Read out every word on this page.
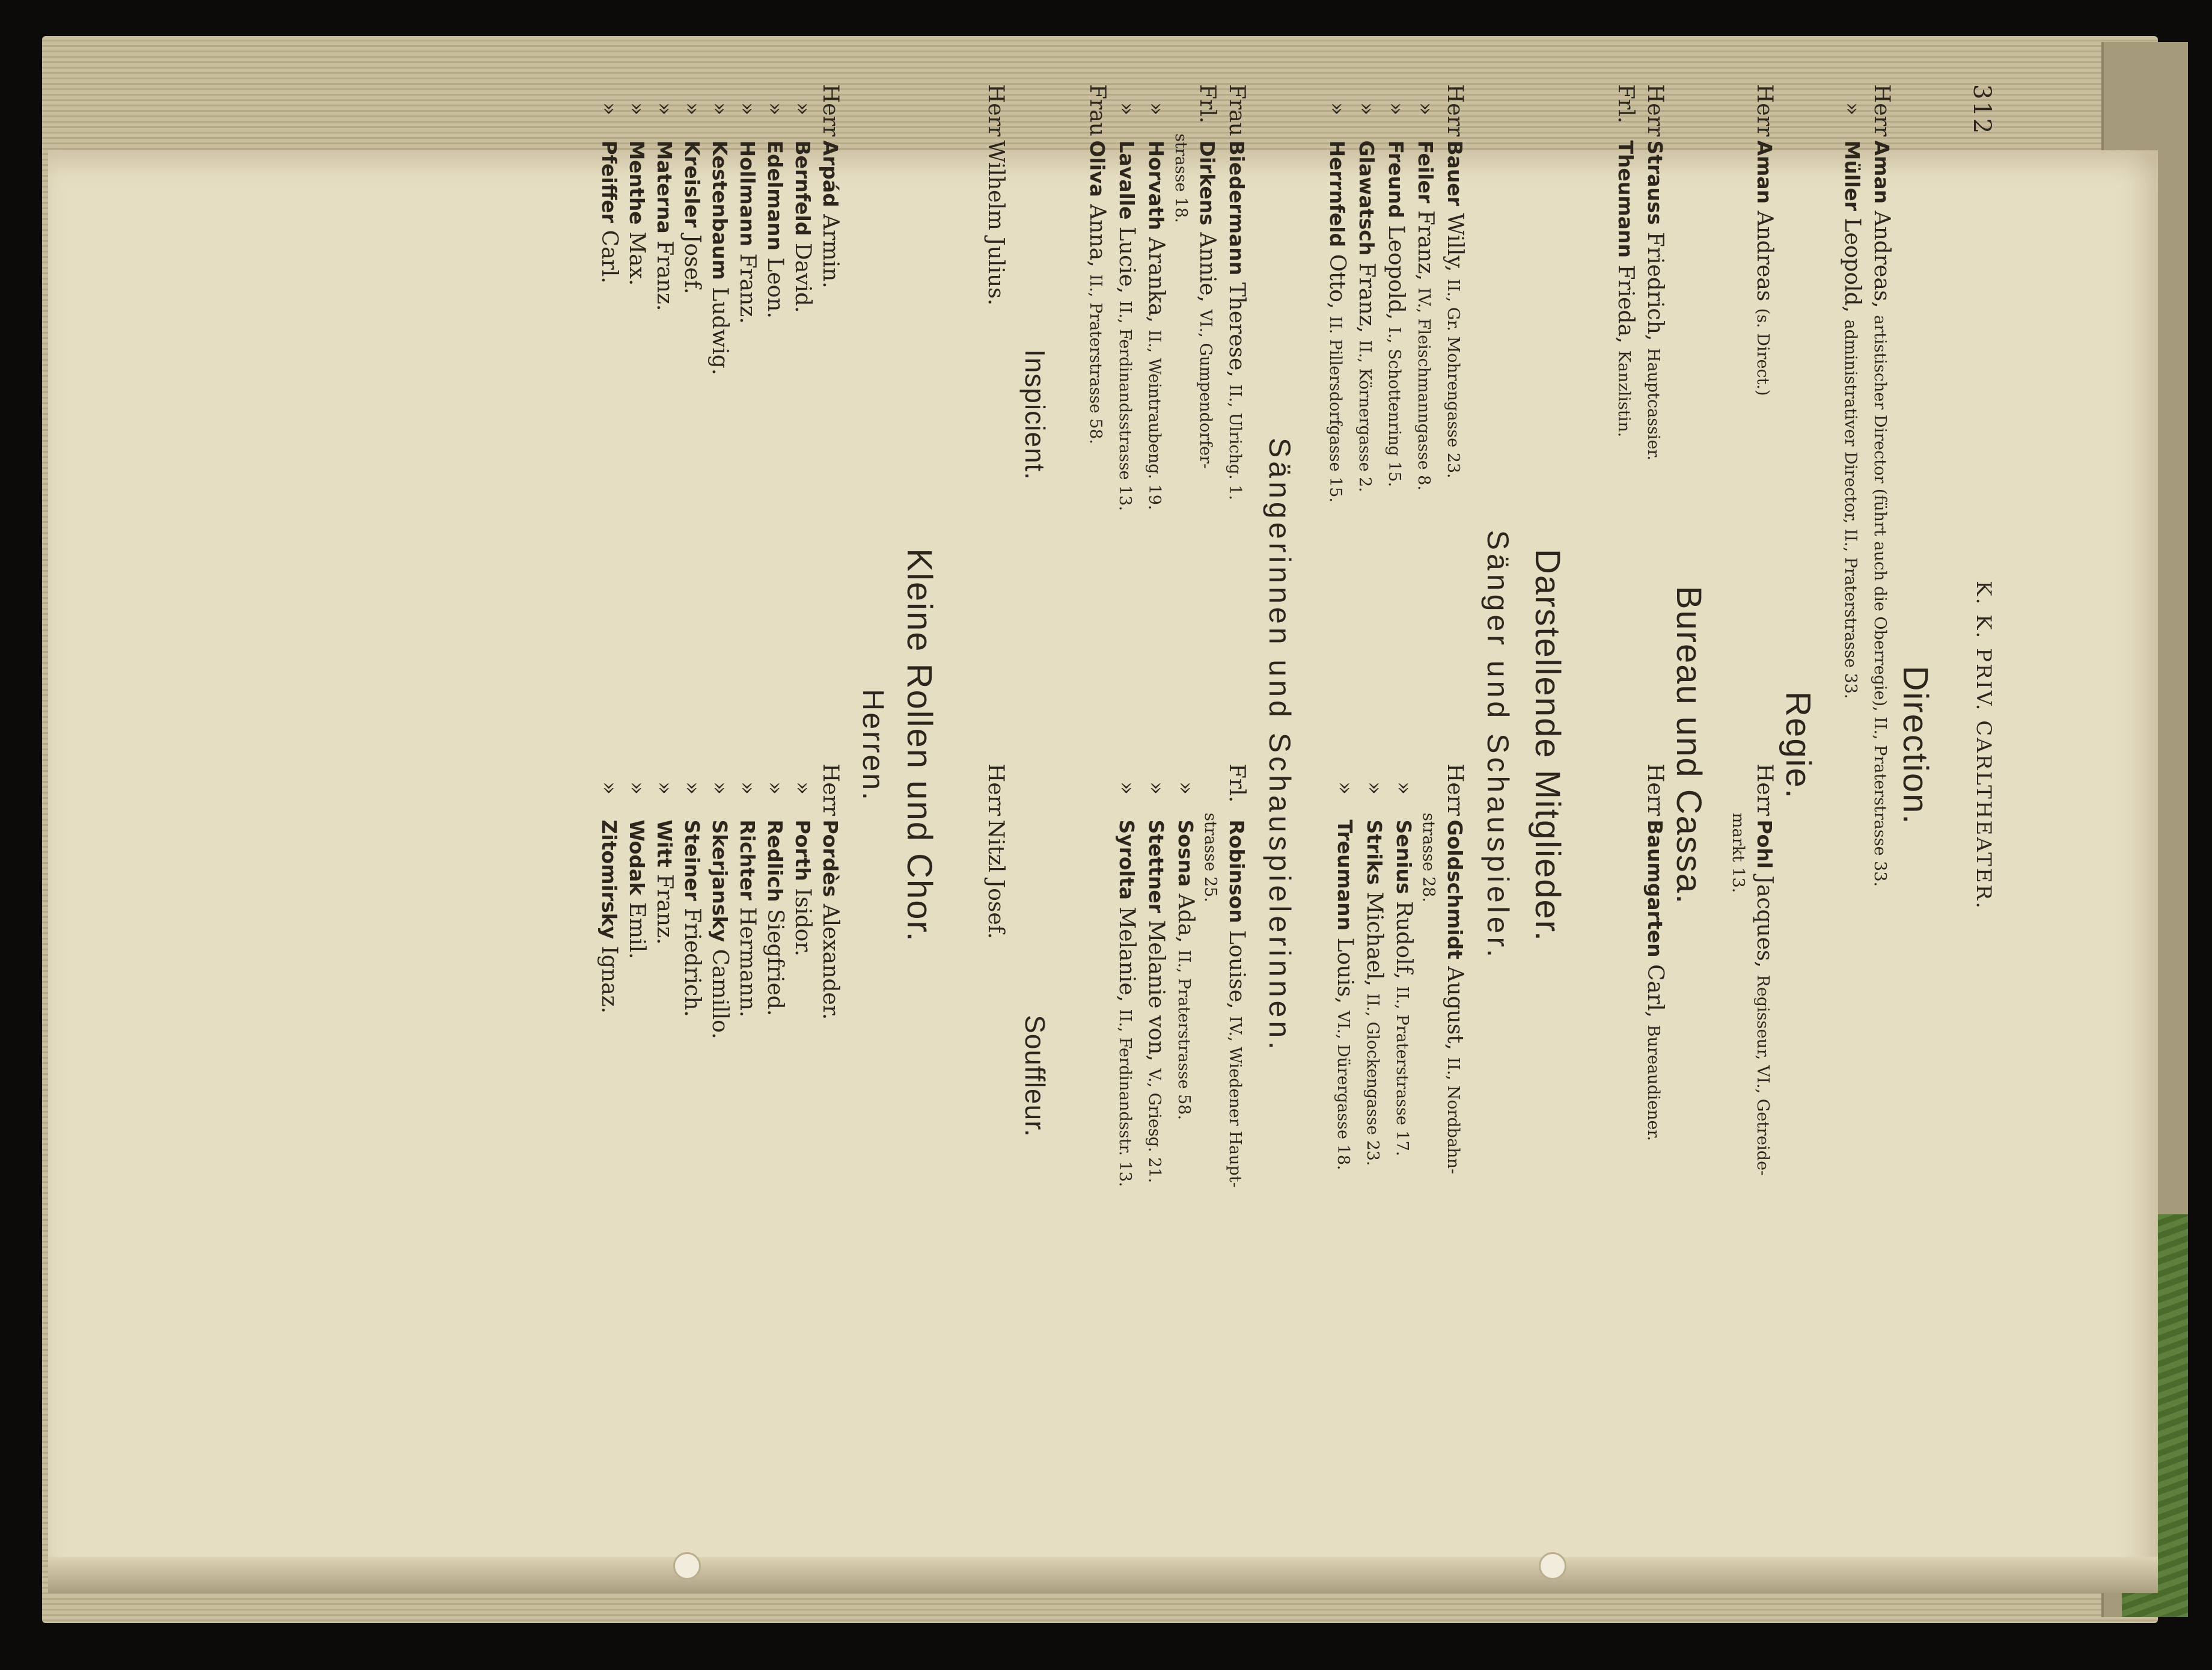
312
K. K. PRIV. CARLTHEATER.
Direction.
Herr Aman Andreas, artistischer Director (führt auch die Oberregie), II., Praterstrasse 33.
» Müller Leopold, administrativer Director, II., Praterstrasse 33.
Regie.
Herr Aman Andreas (s. Direct.)
Herr Pohl Jacques, Regisseur, VI., Getreide-
markt 13.
Bureau und Cassa.
Herr Strauss Friedrich, Hauptcassier.
Frl. Theumann Frieda, Kanzlistin.
Herr Baumgarten Carl, Bureaudiener.
Darstellende Mitglieder.
Sänger und Schauspieler.
Herr Bauer Willy, II., Gr. Mohrengasse 23.
» Feiler Franz, IV., Fleischmanngasse 8.
» Freund Leopold, I., Schottenring 15.
» Glawatsch Franz, II., Körnergasse 2.
» Herrnfeld Otto, II. Pillersdorfgasse 15.
Herr Goldschmidt August, II., Nordbahn-
strasse 28.
» Senius Rudolf, II., Praterstrasse 17.
» Striks Michael, II., Glockengasse 23.
» Treumann Louis, VI., Dürergasse 18.
Sängerinnen und Schauspielerinnen.
Frau Biedermann Therese, II., Ulrichg. 1.
Frl. Dirkens Annie, VI., Gumpendorfer-
strasse 18.
» Horvath Aranka, II., Weintraubeng. 19.
» Lavalle Lucie, II., Ferdinandsstrasse 13.
Frau Oliva Anna, II., Praterstrasse 58.
Frl. Robinson Louise, IV., Wiedener Haupt-
strasse 25.
» Sosna Ada, II., Praterstrasse 58.
» Stettner Melanie von, V., Griesg. 21.
» Syrolta Melanie, II., Ferdinandsstr. 13.
Inspicient.
Souffleur.
Herr Wilhelm Julius.
Herr Nitzl Josef.
Kleine Rollen und Chor.
Herren.
Herr Arpád Armin.
» Bernfeld David.
» Edelmann Leon.
» Hollmann Franz.
» Kestenbaum Ludwig.
» Kreisler Josef.
» Materna Franz.
» Menthe Max.
» Pfeiffer Carl.
Herr Pordès Alexander.
» Porth Isidor.
» Redlich Siegfried.
» Richter Hermann.
» Skerjansky Camillo.
» Steiner Friedrich.
» Witt Franz.
» Wodak Emil.
» Zitomirsky Ignaz.
